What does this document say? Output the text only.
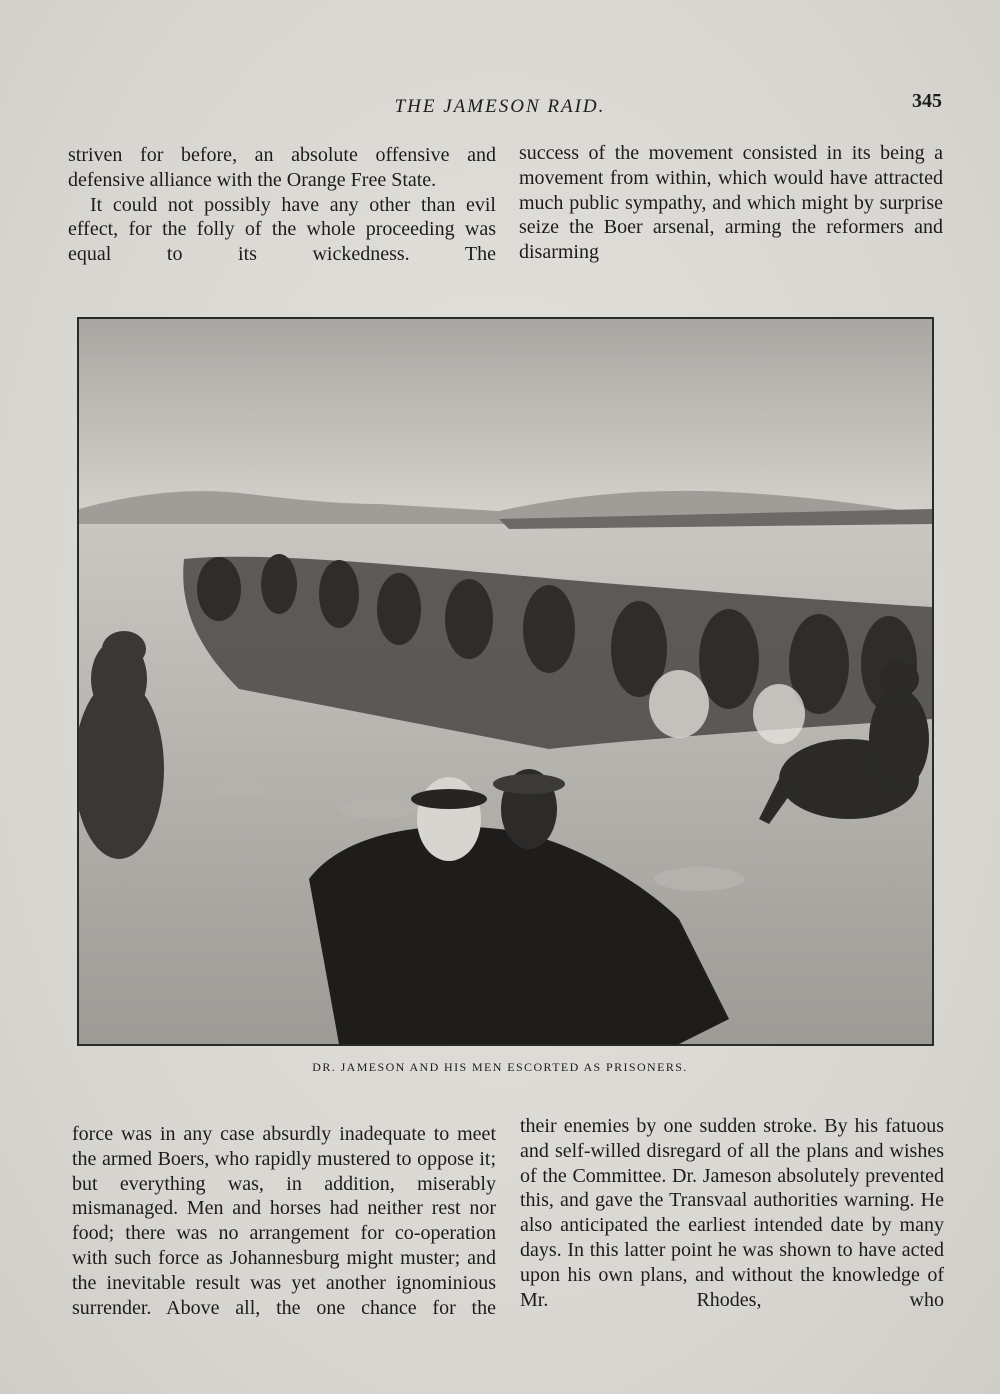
THE JAMESON RAID.	345

striven for before, an absolute offensive and

defensive alliance with the Orange Free State.

It could not possibly have any other than evil effect, for the folly of the whole proceeding was equal to its wickedness. The

success of the movement consisted in its being a movement from within, which would have attracted much public sympathy, and which might by surprise seize the Boer arsenal, arming the reformers and disarming

DR. JAMESON AND HIS MEN ESCORTED AS PRISONERS.

force was in any case absurdly inadequate to meet the armed Boers, who rapidly mustered to oppose it; but everything was, in addition, miserably mismanaged. Men and horses had neither rest nor food; there was no arrangement for co-operation with such force as Johannesburg might muster; and the inevitable result was yet another ignominious surrender. Above all, the one chance for the

their enemies by one sudden stroke. By his fatuous and self-willed disregard of all the plans and wishes of the Committee. Dr. Jameson absolutely prevented this, and gave the Transvaal authorities warning. He also anticipated the earliest intended date by many days. In this latter point he was shown to have acted upon his own plans, and without the knowledge of Mr. Rhodes, who
